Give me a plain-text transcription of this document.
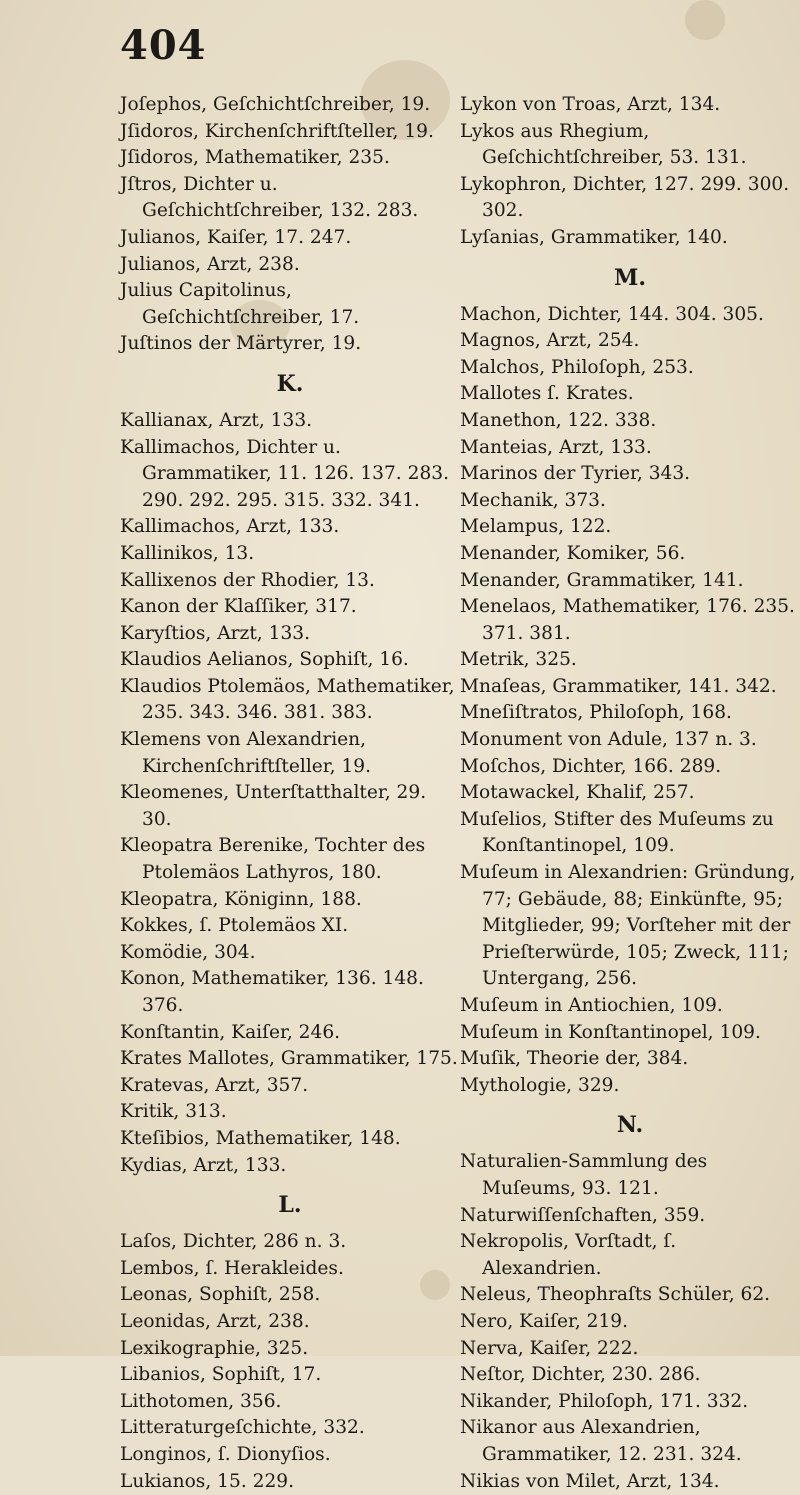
404
Joſephos, Geſchichtſchreiber, 19.
Jſidoros, Kirchenſchriftſteller, 19.
Jſidoros, Mathematiker, 235.
Jſtros, Dichter u. Geſchichtſchreiber, 132. 283.
Julianos, Kaiſer, 17. 247.
Julianos, Arzt, 238.
Julius Capitolinus, Geſchichtſchreiber, 17.
Juſtinos der Märtyrer, 19.
K.
Kallianax, Arzt, 133.
Kallimachos, Dichter u. Grammatiker, 11. 126. 137. 283. 290. 292. 295. 315. 332. 341.
Kallimachos, Arzt, 133.
Kallinikos, 13.
Kallixenos der Rhodier, 13.
Kanon der Klaſſiker, 317.
Karyſtios, Arzt, 133.
Klaudios Aelianos, Sophiſt, 16.
Klaudios Ptolemäos, Mathematiker, 235. 343. 346. 381. 383.
Klemens von Alexandrien, Kirchenſchriftſteller, 19.
Kleomenes, Unterſtatthalter, 29. 30.
Kleopatra Berenike, Tochter des Ptolemäos Lathyros, 180.
Kleopatra, Königinn, 188.
Kokkes, ſ. Ptolemäos XI.
Komödie, 304.
Konon, Mathematiker, 136. 148. 376.
Konſtantin, Kaiſer, 246.
Krates Mallotes, Grammatiker, 175.
Kratevas, Arzt, 357.
Kritik, 313.
Kteſibios, Mathematiker, 148.
Kydias, Arzt, 133.
L.
Laſos, Dichter, 286 n. 3.
Lembos, ſ. Herakleides.
Leonas, Sophiſt, 258.
Leonidas, Arzt, 238.
Lexikographie, 325.
Libanios, Sophiſt, 17.
Lithotomen, 356.
Litteraturgeſchichte, 332.
Longinos, ſ. Dionyſios.
Lukianos, 15. 229.
Lykon von Troas, Arzt, 134.
Lykos aus Rhegium, Geſchichtſchreiber, 53. 131.
Lykophron, Dichter, 127. 299. 300. 302.
Lyſanias, Grammatiker, 140.
M.
Machon, Dichter, 144. 304. 305.
Magnos, Arzt, 254.
Malchos, Philoſoph, 253.
Mallotes ſ. Krates.
Manethon, 122. 338.
Manteias, Arzt, 133.
Marinos der Tyrier, 343.
Mechanik, 373.
Melampus, 122.
Menander, Komiker, 56.
Menander, Grammatiker, 141.
Menelaos, Mathematiker, 176. 235. 371. 381.
Metrik, 325.
Mnaſeas, Grammatiker, 141. 342.
Mneſiſtratos, Philoſoph, 168.
Monument von Adule, 137 n. 3.
Moſchos, Dichter, 166. 289.
Motawackel, Khalif, 257.
Muſelios, Stifter des Muſeums zu Konſtantinopel, 109.
Muſeum in Alexandrien: Gründung, 77; Gebäude, 88; Einkünfte, 95; Mitglieder, 99; Vorſteher mit der Prieſterwürde, 105; Zweck, 111; Untergang, 256.
Muſeum in Antiochien, 109.
Muſeum in Konſtantinopel, 109.
Muſik, Theorie der, 384.
Mythologie, 329.
N.
Naturalien-Sammlung des Muſeums, 93. 121.
Naturwiſſenſchaften, 359.
Nekropolis, Vorſtadt, ſ. Alexandrien.
Neleus, Theophraſts Schüler, 62.
Nero, Kaiſer, 219.
Nerva, Kaiſer, 222.
Neſtor, Dichter, 230. 286.
Nikander, Philoſoph, 171. 332.
Nikanor aus Alexandrien, Grammatiker, 12. 231. 324.
Nikias von Milet, Arzt, 134.
